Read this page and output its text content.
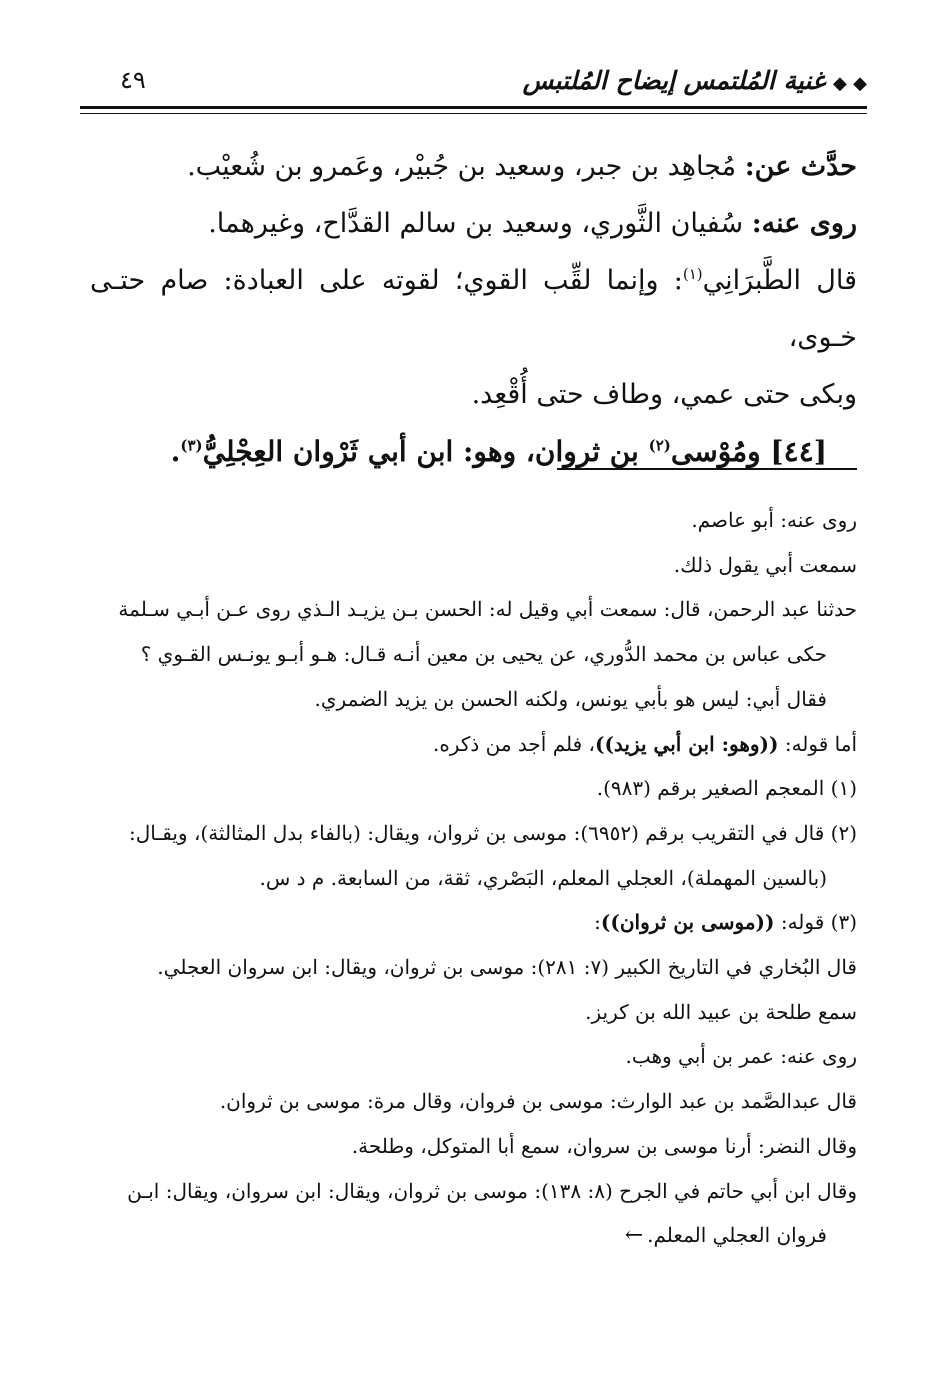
◆ ◆غنية المُلتمس إيضاح المُلتبس
٤٩

حدَّث عن: مُجاهِد بن جبر، وسعيد بن جُبيْر، وعَمرو بن شُعيْب.

روى عنه: سُفيان الثَّوري، وسعيد بن سالم القدَّاح، وغيرهما.

قال الطَّبرَانِي$^{(١)}$: وإنما لقِّب القوي؛ لقوته على العبادة: صام حتـى خـوى،

وبكى حتى عمي، وطاف حتى أُقْعِد.

[٤٤] ومُوْسى$^{(٢)}$ بن ثروان، وهو: ابن أبي ثَرْوان العِجْلِيُّ$^{(٣)}$.

روى عنه: أبو عاصم.

سمعت أبي يقول ذلك.

حدثنا عبد الرحمن، قال: سمعت أبي وقيل له: الحسن بـن يزيـد الـذي روى عـن أبـي سـلمة

حكى عباس بن محمد الدُّوري، عن يحيى بن معين أنـه قـال: هـو أبـو يونـس القـوي ؟

فقال أبي: ليس هو بأبي يونس، ولكنه الحسن بن يزيد الضمري.

أما قوله: ((وهو: ابن أبي يزيد))، فلم أجد من ذكره.

(١) المعجم الصغير برقم (٩٨٣).

(٢) قال في التقريب برقم (٦٩٥٢): موسى بن ثروان، ويقال: (بالفاء بدل المثالثة)، ويقـال:

(بالسين المهملة)، العجلي المعلم، البَصْري، ثقة، من السابعة. م د س.

(٣) قوله: ((موسى بن ثروان)):

قال البُخاري في التاريخ الكبير (٧: ٢٨١): موسى بن ثروان، ويقال: ابن سروان العجلي.

سمع طلحة بن عبيد الله بن كريز.

روى عنه: عمر بن أبي وهب.

قال عبدالصَّمد بن عبد الوارث: موسى بن فروان، وقال مرة: موسى بن ثروان.

وقال النضر: أرنا موسى بن سروان، سمع أبا المتوكل، وطلحة.

وقال ابن أبي حاتم في الجرح (٨: ١٣٨): موسى بن ثروان، ويقال: ابن سروان، ويقال: ابـن

فروان العجلي المعلم.←
